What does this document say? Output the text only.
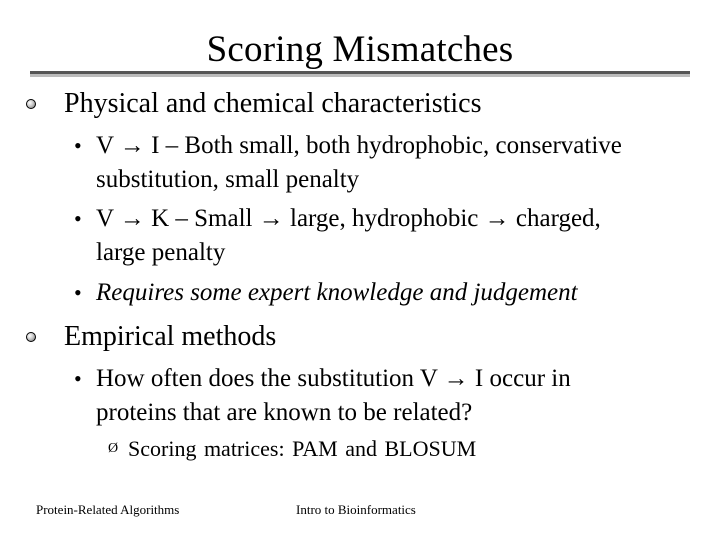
Scoring Mismatches
Physical and chemical characteristics
• V → I – Both small, both hydrophobic, conservative
substitution, small penalty
• V → K – Small → large, hydrophobic → charged,
large penalty
• Requires some expert knowledge and judgement
Empirical methods
• How often does the substitution V → I occur in
proteins that are known to be related?
Ø Scoring matrices: PAM and BLOSUM
Protein-Related Algorithms	Intro to Bioinformatics
